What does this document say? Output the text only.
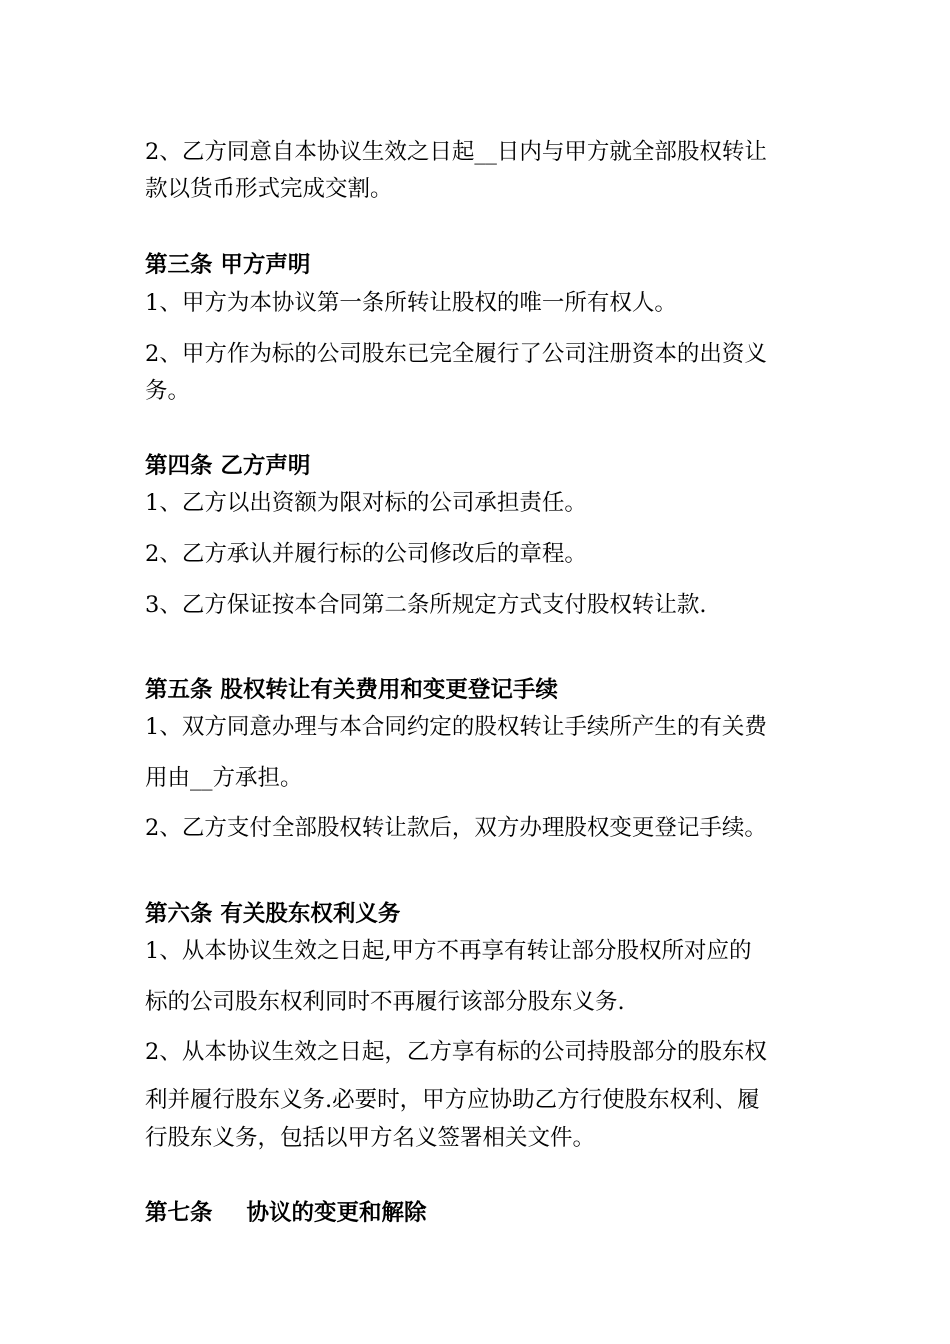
2、乙方同意自本协议生效之日起__日内与甲方就全部股权转让
款以货币形式完成交割。
第三条 甲方声明
1、甲方为本协议第一条所转让股权的唯一所有权人。
2、甲方作为标的公司股东已完全履行了公司注册资本的出资义
务。
第四条 乙方声明
1、乙方以出资额为限对标的公司承担责任。
2、乙方承认并履行标的公司修改后的章程。
3、乙方保证按本合同第二条所规定方式支付股权转让款.
第五条 股权转让有关费用和变更登记手续
1、双方同意办理与本合同约定的股权转让手续所产生的有关费
用由__方承担。
2、乙方支付全部股权转让款后，双方办理股权变更登记手续。
第六条 有关股东权利义务
1、从本协议生效之日起,甲方不再享有转让部分股权所对应的
标的公司股东权利同时不再履行该部分股东义务.
2、从本协议生效之日起，乙方享有标的公司持股部分的股东权
利并履行股东义务.必要时，甲方应协助乙方行使股东权利、履
行股东义务，包括以甲方名义签署相关文件。
第七条 协议的变更和解除
